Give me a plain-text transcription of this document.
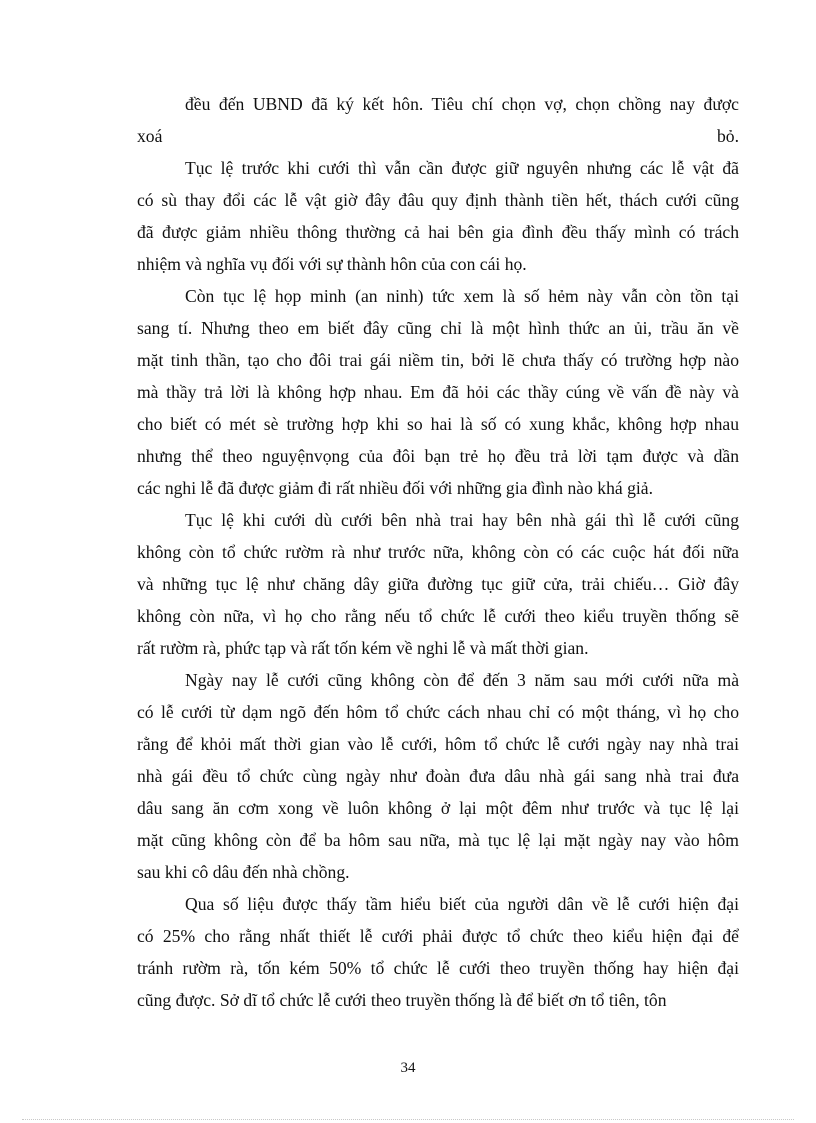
đều đến UBND đã ký kết hôn. Tiêu chí chọn vợ, chọn chồng nay được
xoá	bỏ.
Tục lệ trước khi cưới thì vẫn cần được giữ nguyên nhưng các lễ vật đã
có sù thay đổi các lễ vật giờ đây đâu quy định thành tiền hết, thách cưới cũng
đã được giảm nhiều thông thường cả hai bên gia đình đều thấy mình có trách
nhiệm và nghĩa vụ đối với sự thành hôn của con cái họ.
Còn tục lệ họp minh (an ninh) tức xem là số hẻm này vẫn còn tồn tại
sang tí. Nhưng theo em biết đây cũng chỉ là một hình thức an ủi, trầu ăn về
mặt tinh thần, tạo cho đôi trai gái niềm tin, bởi lẽ chưa thấy có trường hợp nào
mà thầy trả lời là không hợp nhau. Em đã hỏi các thầy cúng về vấn đề này và
cho biết có mét sè trường hợp khi so hai là số có xung khắc, không hợp nhau
nhưng thể theo nguyệnvọng của đôi bạn trẻ họ đều trả lời tạm được và dần
các nghi lễ đã được giảm đi rất nhiều đối với những gia đình nào khá giả.
Tục lệ khi cưới dù cưới bên nhà trai hay bên nhà gái thì lễ cưới cũng
không còn tổ chức rườm rà như trước nữa, không còn có các cuộc hát đối nữa
và những tục lệ như chăng dây giữa đường tục giữ cửa, trải chiếu… Giờ đây
không còn nữa, vì họ cho rằng nếu tổ chức lễ cưới theo kiểu truyền thống sẽ
rất rườm rà, phức tạp và rất tốn kém về nghi lễ và mất thời gian.
Ngày nay lễ cưới cũng không còn để đến 3 năm sau mới cưới nữa mà
có lễ cưới từ dạm ngõ đến hôm tổ chức cách nhau chỉ có một tháng, vì họ cho
rằng để khỏi mất thời gian vào lễ cưới, hôm tổ chức lễ cưới ngày nay nhà trai
nhà gái đều tổ chức cùng ngày như đoàn đưa dâu nhà gái sang nhà trai đưa
dâu sang ăn cơm xong về luôn không ở lại một đêm như trước và tục lệ lại
mặt cũng không còn để ba hôm sau nữa, mà tục lệ lại mặt ngày nay vào hôm
sau khi cô dâu đến nhà chồng.
Qua số liệu được thấy tầm hiểu biết của người dân về lễ cưới hiện đại
có 25% cho rằng nhất thiết lễ cưới phải được tổ chức theo kiểu hiện đại để
tránh rườm rà, tốn kém 50% tổ chức lễ cưới theo truyền thống hay hiện đại
cũng được. Sở dĩ tổ chức lễ cưới theo truyền thống là để biết ơn tổ tiên, tôn
34
